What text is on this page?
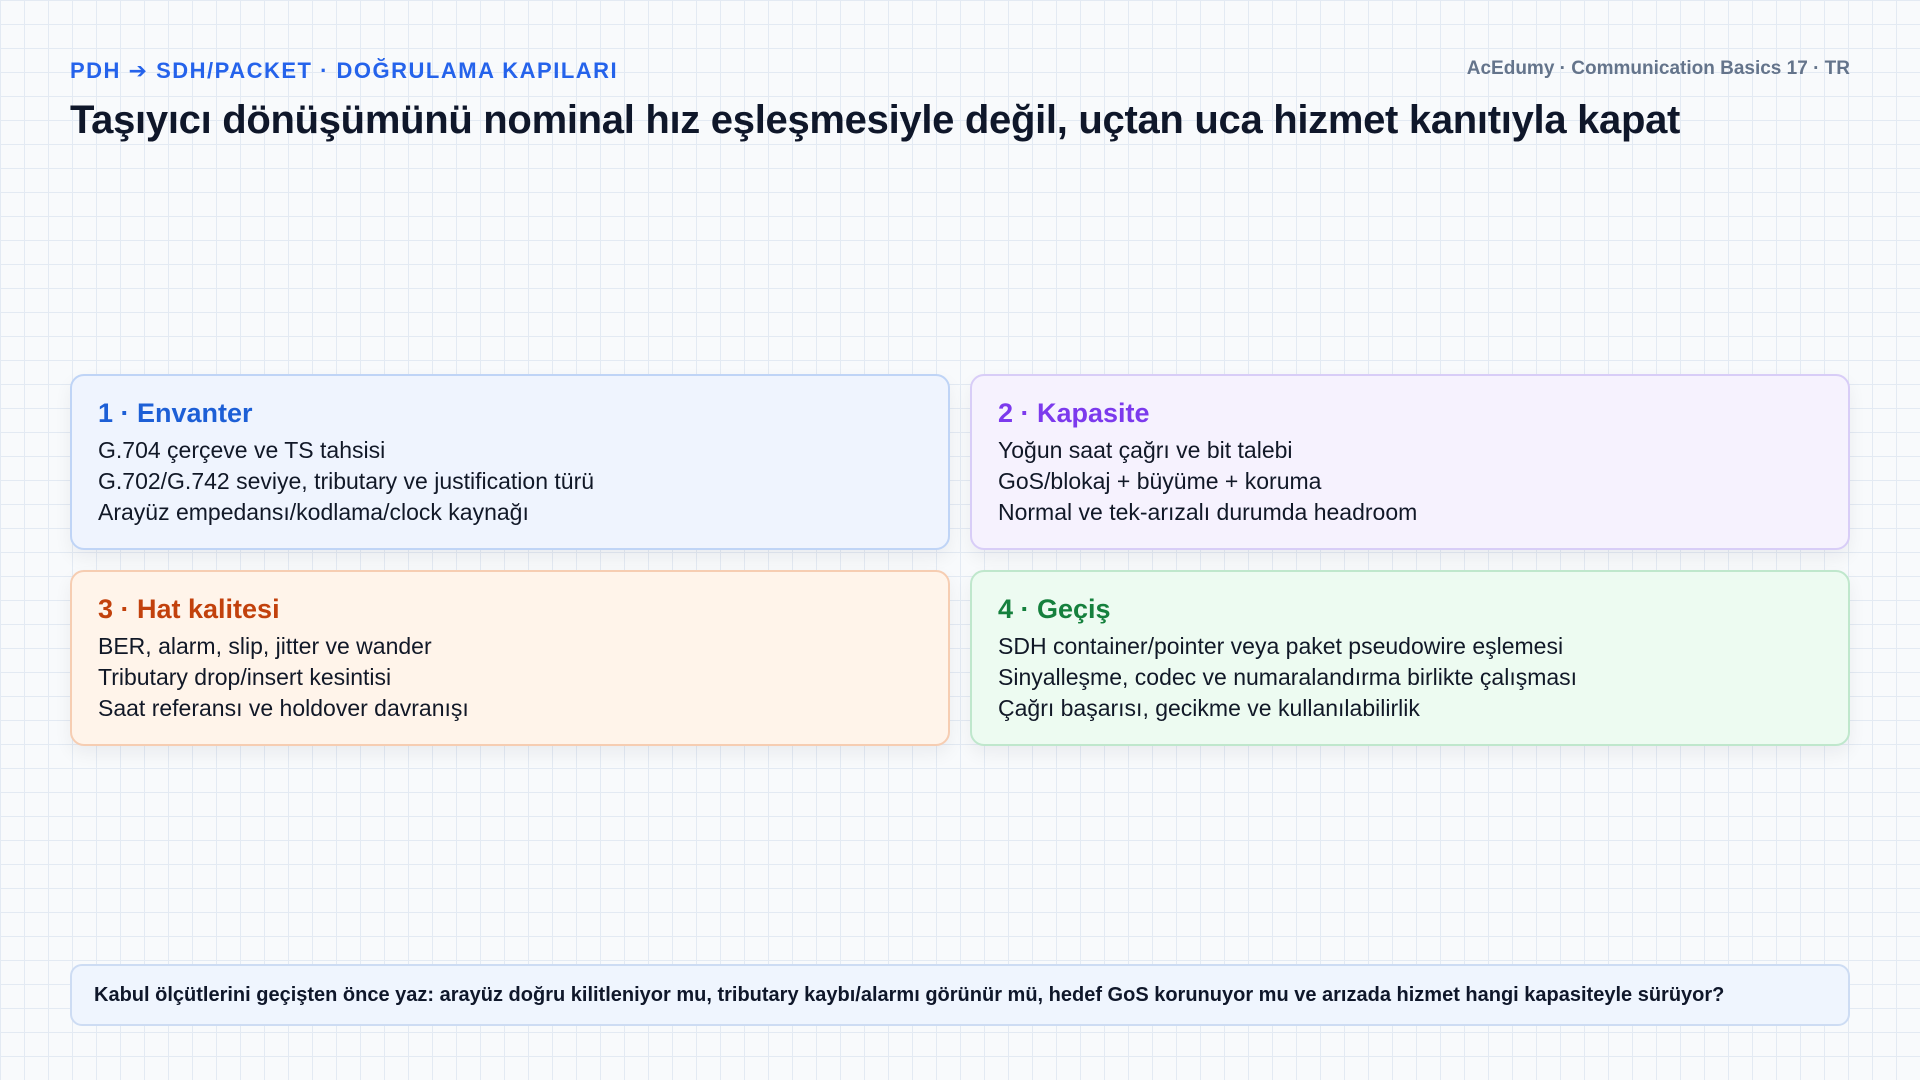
PDH ➔ SDH/PACKET · DOĞRULAMA KAPILARI	AcEdumy · Communication Basics 17 · TR
Taşıyıcı dönüşümünü nominal hız eşleşmesiyle değil, uçtan uca hizmet kanıtıyla kapat
1 · Envanter
G.704 çerçeve ve TS tahsisi
G.702/G.742 seviye, tributary ve justification türü
Arayüz empedansı/kodlama/clock kaynağı
2 · Kapasite
Yoğun saat çağrı ve bit talebi
GoS/blokaj + büyüme + koruma
Normal ve tek-arızalı durumda headroom
3 · Hat kalitesi
BER, alarm, slip, jitter ve wander
Tributary drop/insert kesintisi
Saat referansı ve holdover davranışı
4 · Geçiş
SDH container/pointer veya paket pseudowire eşlemesi
Sinyalleşme, codec ve numaralandırma birlikte çalışması
Çağrı başarısı, gecikme ve kullanılabilirlik
Kabul ölçütlerini geçişten önce yaz: arayüz doğru kilitleniyor mu, tributary kaybı/alarmı görünür mü, hedef GoS korunuyor mu ve arızada hizmet hangi kapasiteyle sürüyor?
